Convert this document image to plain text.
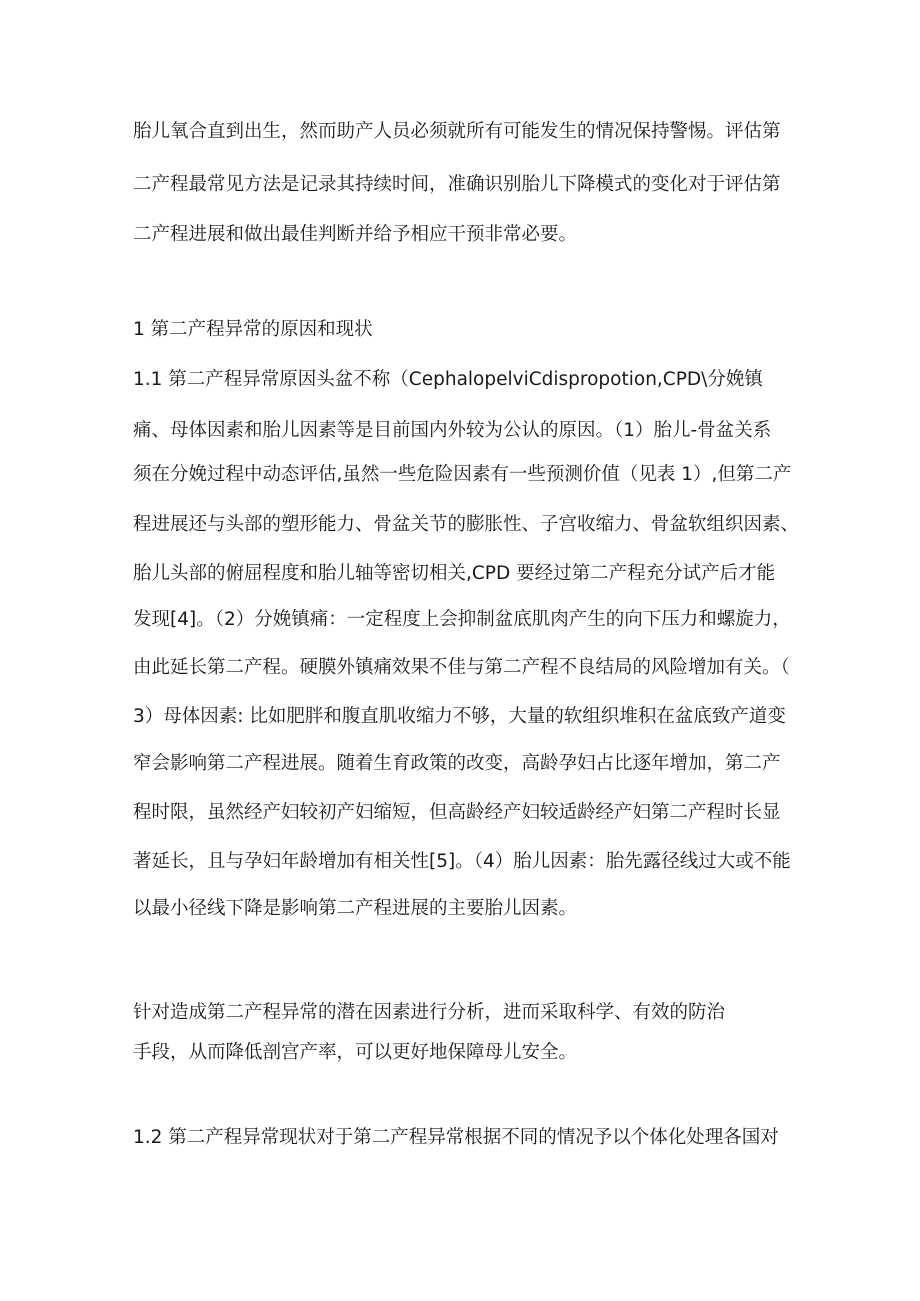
胎儿氧合直到出生，然而助产人员必须就所有可能发生的情况保持警惕。评估第
二产程最常见方法是记录其持续时间，准确识别胎儿下降模式的变化对于评估第
二产程进展和做出最佳判断并给予相应干预非常必要。
1 第二产程异常的原因和现状
1.1 第二产程异常原因头盆不称（CephalopelviCdispropotion,CPD\分娩镇
痛、母体因素和胎儿因素等是目前国内外较为公认的原因。（1）胎儿-骨盆关系
须在分娩过程中动态评估,虽然一些危险因素有一些预测价值（见表 1）,但第二产
程进展还与头部的塑形能力、骨盆关节的膨胀性、子宫收缩力、骨盆软组织因素、
胎儿头部的俯屈程度和胎儿轴等密切相关,CPD 要经过第二产程充分试产后才能
发现[4]。（2）分娩镇痛：一定程度上会抑制盆底肌肉产生的向下压力和螺旋力，
由此延长第二产程。硬膜外镇痛效果不佳与第二产程不良结局的风险增加有关。（
3）母体因素: 比如肥胖和腹直肌收缩力不够，大量的软组织堆积在盆底致产道变
窄会影响第二产程进展。随着生育政策的改变，高龄孕妇占比逐年增加，第二产
程时限，虽然经产妇较初产妇缩短，但高龄经产妇较适龄经产妇第二产程时长显
著延长，且与孕妇年龄增加有相关性[5]。（4）胎儿因素：胎先露径线过大或不能
以最小径线下降是影响第二产程进展的主要胎儿因素。
针对造成第二产程异常的潜在因素进行分析，进而采取科学、有效的防治
手段，从而降低剖宫产率，可以更好地保障母儿安全。
1.2 第二产程异常现状对于第二产程异常根据不同的情况予以个体化处理各国对
